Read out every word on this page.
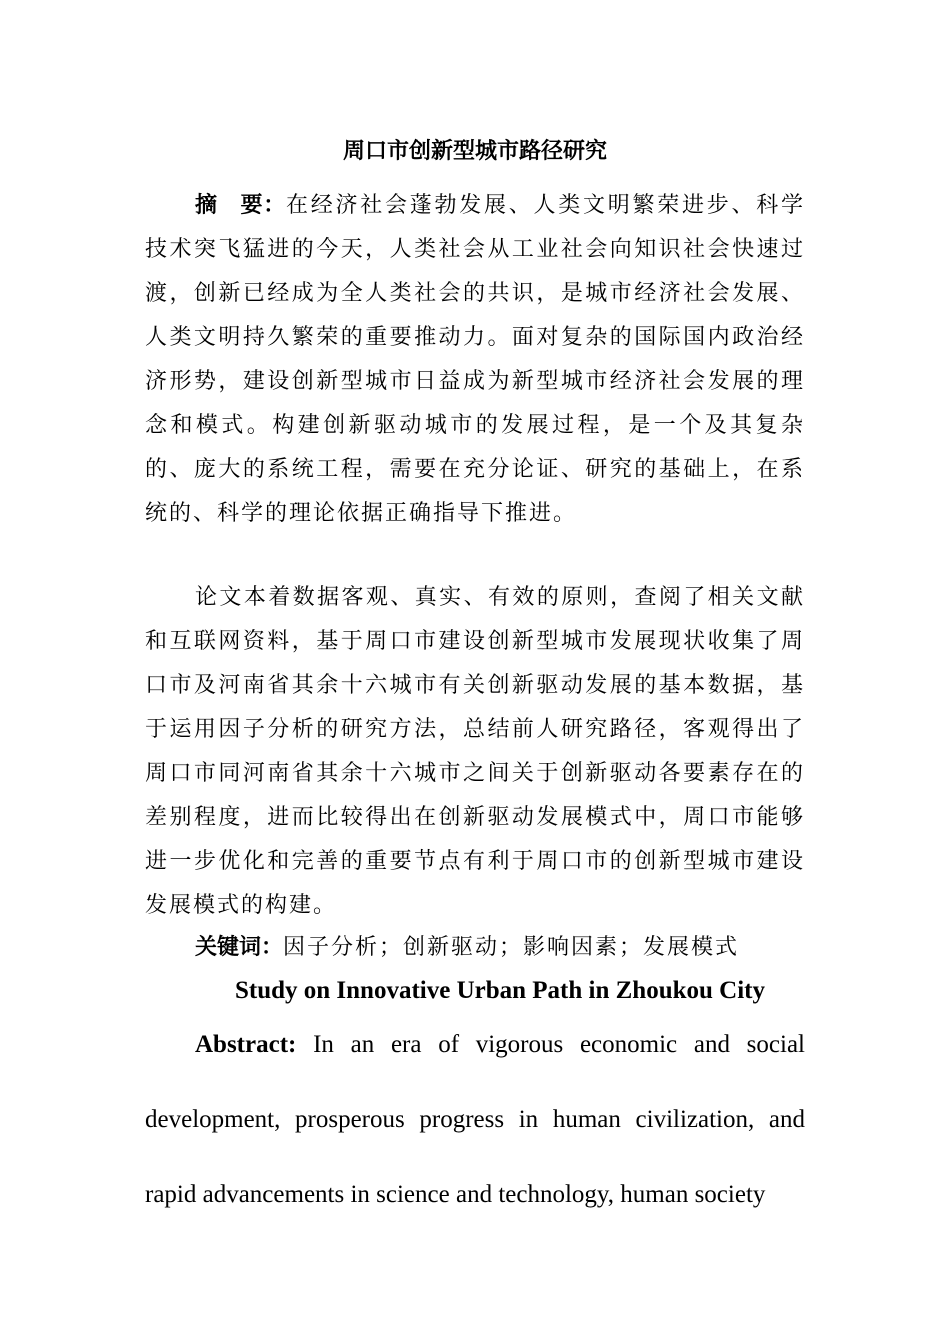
周口市创新型城市路径研究

摘　要：在经济社会蓬勃发展、人类文明繁荣进步、科学技术突飞猛进的今天，人类社会从工业社会向知识社会快速过渡，创新已经成为全人类社会的共识，是城市经济社会发展、人类文明持久繁荣的重要推动力。面对复杂的国际国内政治经济形势，建设创新型城市日益成为新型城市经济社会发展的理念和模式。构建创新驱动城市的发展过程，是一个及其复杂的、庞大的系统工程，需要在充分论证、研究的基础上，在系统的、科学的理论依据正确指导下推进。

论文本着数据客观、真实、有效的原则，查阅了相关文献和互联网资料，基于周口市建设创新型城市发展现状收集了周口市及河南省其余十六城市有关创新驱动发展的基本数据，基于运用因子分析的研究方法，总结前人研究路径，客观得出了周口市同河南省其余十六城市之间关于创新驱动各要素存在的差别程度，进而比较得出在创新驱动发展模式中，周口市能够进一步优化和完善的重要节点有利于周口市的创新型城市建设发展模式的构建。

关键词：因子分析；创新驱动；影响因素；发展模式

Study on Innovative Urban Path in Zhoukou City

Abstract: In an era of vigorous economic and social development, prosperous progress in human civilization, and rapid advancements in science and technology, human society
